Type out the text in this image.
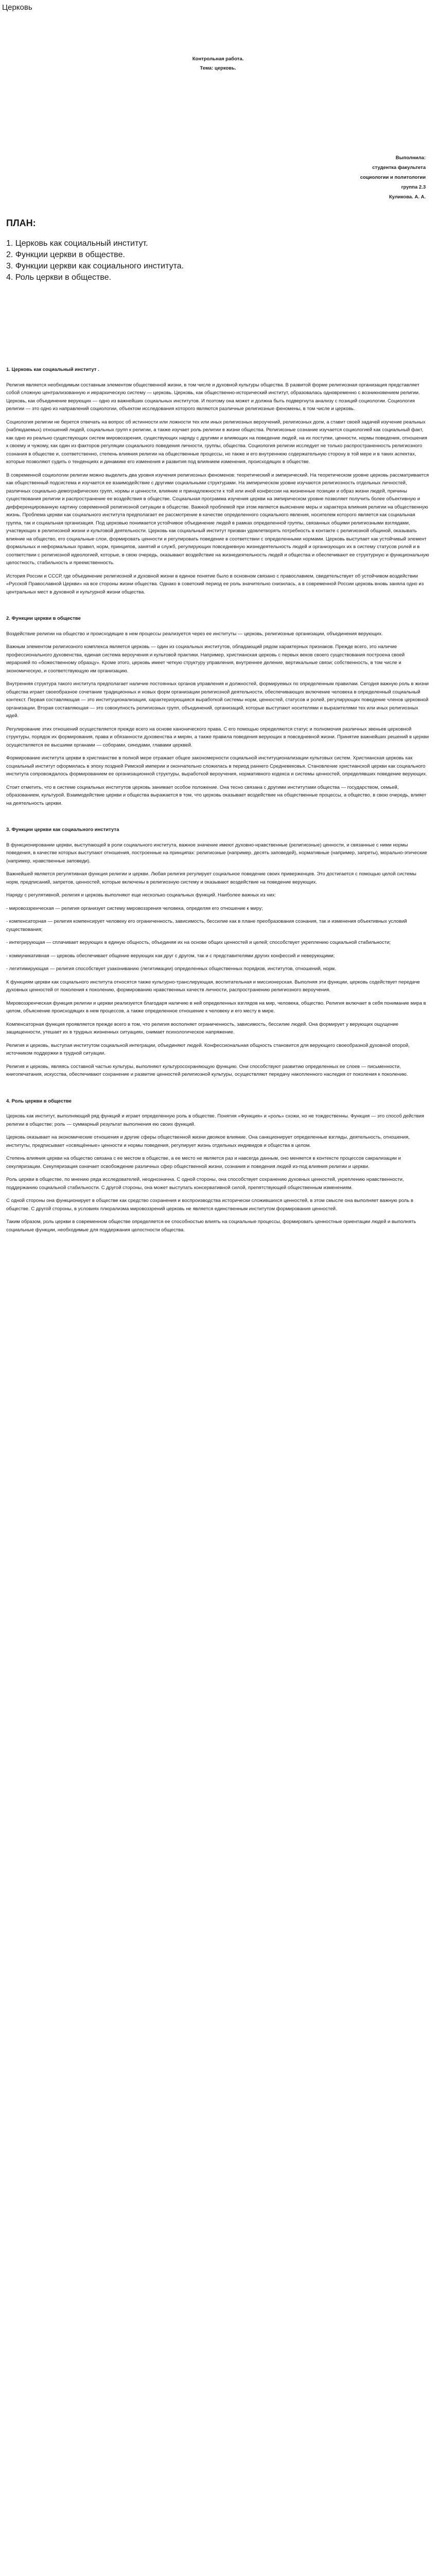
Церковь
Контрольная работа.
Тема: церковь.
Выполнила:
студентка факультета
социологии и политологии
группа 2.3
Куликова. А. А.
ПЛАН:

1. Церковь как социальный институт.

2. Функции церкви в обществе.

3. Функции церкви как социального института.

4. Роль церкви в обществе.

1. Церковь как социальный институт .

Религия является необходимым составным элементом общественной жизни, в том числе и духовной культуры общества. В развитой форме религиозная организация представляет собой сложную централизованную и иерархическую систему — церковь. Церковь, как общественно-исторический институт, образовалась одновременно с возникновением религии. Церковь, как объединение верующих — одно из важнейших социальных институтов. И поэтому она может и должна быть подвергнута анализу с позиций социологии. Социология религии — это одно из направлений социологии, объектом исследования которого являются различные религиозные феномены, в том числе и церковь.

Социология религии не берется отвечать на вопрос об истинности или ложности тех или иных религиозных вероучений, религиозных догм, а ставит своей задачей изучение реальных (наблюдаемых) отношений людей, социальных групп к религии, а также изучает роль религии в жизни общества. Религиозные сознание изучается социологией как социальный факт, как одно из реально существующих систем мировоззрения, существующих наряду с другими и влияющих на поведение людей, на их поступки, ценности, нормы поведения, отношения к своему и чужому, как один из факторов регуляции социального поведения личности, группы, общества. Социология религии исследует не только распространенность религиозного сознания в обществе и, соответственно, степень влияния религии на общественные процессы, но также и его внутреннюю содержательную сторону в той мере и в таких аспектах, которые позволяют судить о тенденциях и динамике его изменения и развития под влиянием изменения, происходящих в обществе.

В современной социологии религии можно выделить два уровня изучения религиозных феноменов: теоретический и эмпирический. На теоретическом уровне церковь рассматривается как общественный подсистема и изучается ее взаимодействие с другими социальными структурами. На эмпирическом уровне изучаются религиозность отдельных личностей, различных социально-демографических групп, нормы и ценности, влияние и принадлежности к той или иной конфессии на жизненные позиции и образ жизни людей, причины существования религии и распространение ее воздействия в обществе. Социальная программа изучения церкви на эмпирическом уровне позволяет получить более объективную и дифференцированную картину современной религиозной ситуации в обществе. Важной проблемой при этом является выяснение меры и характера влияния религии на общественную жизнь. Проблема церкви как социального института предполагает ее рассмотрение в качестве определенного социального явления, носителем которого является как социальная группа, так и социальная организация. Под церковью понимается устойчивое объединение людей в рамках определенной группы, связанных общими религиозными взглядами, участвующих в религиозной жизни и культовой деятельности. Церковь как социальный институт призван удовлетворять потребность в контакте с религиозной общиной, оказывать влияние на общество, его социальные слои, формировать ценности и регулировать поведение в соответствии с определенными нормами. Церковь выступает как устойчивый элемент формальных и неформальных правил, норм, принципов, занятий и служб, регулирующих повседневную жизнедеятельность людей и организующих их в систему статусов ролей и в соответствии с религиозной идеологией, которые, в свою очередь, оказывают воздействие на жизнедеятельность людей и общества и обеспечивают ее структурную и функциональную целостность, стабильность и преемственность.

История России и СССР, где объединение религиозной и духовной жизни в единое понятие было в основном связано с православием, свидетельствует об устойчивом воздействии «Русской Православной Церкви» на все стороны жизни общества. Однако в советский период ее роль значительно снизилась, а в современной России церковь вновь заняла одно из центральных мест в духовной и культурной жизни общества.

2. Функции церкви в обществе

Воздействие религии на общество и происходящие в нем процессы реализуется через ее институты — церковь, религиозные организации, объединения верующих.

Важным элементом религиозного комплекса является церковь — один из социальных институтов, обладающий рядом характерных признаков. Прежде всего, это наличие профессионального духовенства, единая система вероучения и культовой практики. Например, христианская церковь с первых веков своего существования построена своей иерархией по «божественному образцу». Кроме этого, церковь имеет четкую структуру управления, внутреннее деление, вертикальные связи; собственность, в том числе и экономическую, и соответствующую им организацию.

Внутренняя структура такого института предполагает наличие постоянных органов управления и должностей, формируемых по определенным правилам. Сегодня важную роль в жизни общества играет своеобразное сочетание традиционных и новых форм организации религиозной деятельности, обеспечивающих включение человека в определенный социальный контекст. Первая составляющая — это институционализация, характеризующаяся выработкой системы норм, ценностей, статусов и ролей, регулирующих поведение членов церковной организации. Вторая составляющая — это совокупность религиозных групп, объединений, организаций, которые выступают носителями и выразителями тех или иных религиозных идей.

Регулирование этих отношений осуществляется прежде всего на основе канонического права. С его помощью определяются статус и полномочия различных звеньев церковной структуры, порядок их формирования, права и обязанности духовенства и мирян, а также правила поведения верующих в повседневной жизни. Принятие важнейших решений в церкви осуществляется ее высшими органами — соборами, синодами, главами церквей.

Формирование института церкви в христианстве в полной мере отражает общее закономерности социальной институционализации культовых систем. Христианская церковь как социальный институт оформилась в эпоху поздней Римской империи и окончательно сложилась в период раннего Средневековья. Становление христианской церкви как социального института сопровождалось формированием ее организационной структуры, выработкой вероучения, нормативного кодекса и системы ценностей, определявших поведение верующих.

Стоит отметить, что в системе социальных институтов церковь занимает особое положение. Она тесно связана с другими институтами общества — государством, семьей, образованием, культурой. Взаимодействие церкви и общества выражается в том, что церковь оказывает воздействие на общественные процессы, а общество, в свою очередь, влияет на деятельность церкви.

3. Функции церкви как социального института

В функционировании церкви, выступающей в роли социального института, важное значение имеют духовно-нравственные (религиозные) ценности, и связанные с ними нормы поведения, в качестве которых выступают отношения, построенные на принципах: религиозные (например, десять заповедей), нормативные (например, запреты), морально-этические (например, нравственные заповеди).

Важнейшей является регулятивная функция религии и церкви. Любая религия регулирует социальное поведение своих приверженцев. Это достигается с помощью целой системы норм, предписаний, запретов, ценностей, которые включены в религиозную систему и оказывают воздействие на поведение верующих.

Наряду с регулятивной, религия и церковь выполняют еще несколько социальных функций. Наиболее важных из них:

- мировоззренческая — религия организует систему мировоззрения человека, определяя его отношение к миру;

- компенсаторная — религия компенсирует человеку его ограниченность, зависимость, бессилие как в плане преобразования сознания, так и изменения объективных условий существования;

- интегрирующая — сплачивает верующих в единую общность, объединяя их на основе общих ценностей и целей; способствует укреплению социальной стабильности;

- коммуникативная — церковь обеспечивает общение верующих как друг с другом, так и с представителями других конфессий и неверующими;

- легитимирующая — религия способствует узакониванию (легитимации) определенных общественных порядков, институтов, отношений, норм.

К функциям церкви как социального института относятся также культурно-транслирующая, воспитательная и миссионерская. Выполняя эти функции, церковь содействует передаче духовных ценностей от поколения к поколению, формированию нравственных качеств личности, распространению религиозного вероучения.

Мировоззренческая функция религии и церкви реализуется благодаря наличию в ней определенных взглядов на мир, человека, общество. Религия включает в себя понимание мира в целом, объяснение происходящих в нем процессов, а также определенное отношение к человеку и его месту в мире.

Компенсаторная функция проявляется прежде всего в том, что религия восполняет ограниченность, зависимость, бессилие людей. Она формирует у верующих ощущение защищенности, утешает их в трудных жизненных ситуациях, снимает психологическое напряжение.

Религия и церковь, выступая институтом социальной интеграции, объединяют людей. Конфессиональная общность становится для верующего своеобразной духовной опорой, источником поддержки в трудной ситуации.

Религия и церковь, являясь составной частью культуры, выполняют культуросохраняющую функцию. Они способствуют развитию определенных ее слоев — письменности, книгопечатания, искусства, обеспечивают сохранение и развитие ценностей религиозной культуры, осуществляют передачу накопленного наследия от поколения к поколению.

4. Роль церкви в обществе

Церковь как институт, выполняющий ряд функций и играет определенную роль в обществе. Понятия «Функция» и «роль» схожи, но не тождественны. Функция — это способ действия религии в обществе; роль — суммарный результат выполнения ею своих функций.

Церковь оказывает на экономические отношения и другие сферы общественной жизни двоякое влияние. Она санкционирует определенные взгляды, деятельность, отношения, институты, предписывает «освящённые» ценности и нормы поведения, регулирует жизнь отдельных индивидов и общества в целом.

Степень влияния церкви на общество связана с ее местом в обществе, а ее место не является раз и навсегда данным, оно меняется в контексте процессов сакрализации и секуляризации. Секуляризация означает освобождение различных сфер общественной жизни, сознания и поведения людей из-под влияния религии и церкви.

Роль церкви в обществе, по мнению ряда исследователей, неоднозначна. С одной стороны, она способствует сохранению духовных ценностей, укреплению нравственности, поддержанию социальной стабильности. С другой стороны, она может выступать консервативной силой, препятствующей общественным изменениям.

С одной стороны она функционирует в обществе как средство сохранения и воспроизводства исторически сложившихся ценностей, в этом смысле она выполняет важную роль в обществе. С другой стороны, в условиях плюрализма мировоззрений церковь не является единственным институтом формирования ценностей.

Таким образом, роль церкви в современном обществе определяется ее способностью влиять на социальные процессы, формировать ценностные ориентации людей и выполнять социальные функции, необходимые для поддержания целостности общества.
